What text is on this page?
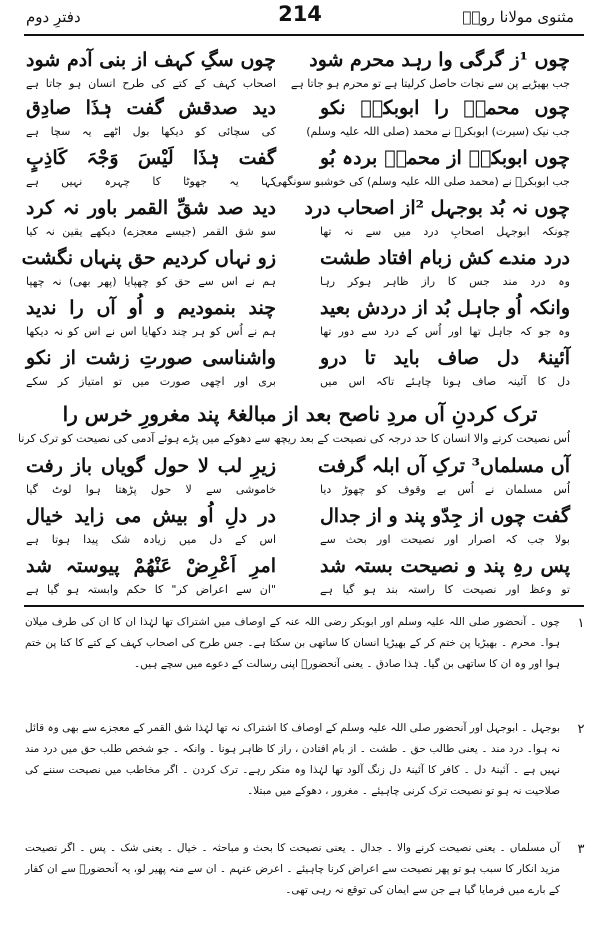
مثنوی مولانا رومؒ
214
دفترِ دوم
چوں ¹ز گرگی وا رہد محرم شود
جب بھیڑیے پن سے نجات حاصل کرلیتا ہے تو محرم ہو جاتا ہے
چوں سگِ کہف از بنی آدم شود
اصحاب کہف کے کتے کی طرح انسان ہو جاتا ہے
چوں محمدؐ را ابوبکرؓ نکو
جب نیک (سیرت) ابوبکرؓ نے محمد (صلی اللہ علیہ وسلم)
دید صدقش گفت ہٰذَا صادِق
کی سچائی کو دیکھا بول اٹھے یہ سچا ہے
چوں ابوبکرؓ از محمدؐ بردہ بُو
جب ابوبکرؓ نے (محمد صلی اللہ علیہ وسلم) کی خوشبو سونگھی
گفت ہٰذَا لَیْسَ وَجْہَ کَاذِبٍ
کہا یہ جھوٹا کا چہرہ نہیں ہے
چوں نہ بُد بوجہل ²از اصحاب درد
چونکہ ابوجہل اصحابِ درد میں سے نہ تھا
دید صد شقِّ القمر باور نہ کرد
سو شق القمر (جیسے معجزے) دیکھے یقین نہ کیا
درد مندے کش زبام افتاد طشت
وہ درد مند جس کا راز ظاہر ہوکر رہا
زو نہاں کردیم حق پنہاں نگشت
ہم نے اس سے حق کو چھپایا (پھر بھی) نہ چھپا
وانکہ اُو جاہل بُد از دردش بعید
وہ جو کہ جاہل تھا اور اُس کے درد سے دور تھا
چند بنمودیم و اُو آں را ندید
ہم نے اُس کو ہر چند دکھایا اس نے اس کو نہ دیکھا
آئینۂ دل صاف باید تا درو
دل کا آئینہ صاف ہونا چاہئے تاکہ اس میں
واشناسی صورتِ زشت از نکو
بری اور اچھی صورت میں تو امتیاز کر سکے
ترک کردنِ آں مردِ ناصح بعد از مبالغۂ پند مغرورِ خرس را
اُس نصیحت کرنے والا انسان کا حد درجہ کی نصیحت کے بعد ریچھ سے دھوکے میں پڑے ہوئے آدمی کی نصیحت کو ترک کرنا
آں مسلماں³ ترکِ آں ابلہ گرفت
اُس مسلمان نے اُس بے وقوف کو چھوڑ دیا
زیرِ لب لا حول گویاں باز رفت
خاموشی سے لا حول پڑھتا ہوا لوٹ گیا
گفت چوں از جِدّو پند و از جدال
بولا جب کہ اصرار اور نصیحت اور بحث سے
در دلِ اُو بیش می زاید خیال
اس کے دل میں زیادہ شک پیدا ہوتا ہے
پس رہِ پند و نصیحت بستہ شد
تو وعظ اور نصیحت کا راستہ بند ہو گیا ہے
امرِ اَعْرِضْ عَنْھُمْ پیوستہ شد
"ان سے اعراض کر" کا حکم وابستہ ہو گیا ہے
۱
چوں ۔ آنحضور صلی اللہ علیہ وسلم اور ابوبکر رضی اللہ عنہ کے اوصاف میں اشتراک تھا لہٰذا ان کا ان کی طرف میلان ہوا۔ محرم ۔ بھیڑیا پن ختم کر کے بھیڑیا انسان کا ساتھی بن سکتا ہے۔ جس طرح کی اصحاب کہف کے کتے کا کتا پن ختم ہوا اور وہ ان کا ساتھی بن گیا۔ ہٰذا صادق ۔ یعنی آنحضورؐ اپنی رسالت کے دعوے میں سچے ہیں۔
۲
بوجہل ۔ ابوجہل اور آنحضور صلی اللہ علیہ وسلم کے اوصاف کا اشتراک نہ تھا لہٰذا شق القمر کے معجزے سے بھی وہ قائل نہ ہوا۔ درد مند ۔ یعنی طالب حق ۔ طشت ۔ از بام افتادن ، راز کا ظاہر ہونا ۔ وانکہ ۔ جو شخص طلب حق میں درد مند نہیں ہے ۔ آئینۂ دل ۔ کافر کا آئینۂ دل زنگ آلود تھا لہٰذا وہ منکر رہے۔ ترک کردن ۔ اگر مخاطب میں نصیحت سننے کی صلاحیت نہ ہو تو نصیحت ترک کرنی چاہیئے ۔ مغرور ، دھوکے میں مبتلا۔
۳
آں مسلماں ۔ یعنی نصیحت کرنے والا ۔ جدال ۔ یعنی نصیحت کا بحث و مباحثہ ۔ خیال ۔ یعنی شک ۔ پس ۔ اگر نصیحت مزید انکار کا سبب ہو تو پھر نصیحت سے اعراض کرنا چاہیئے ۔ اعرض عنہم ۔ ان سے منہ پھیر لو، یہ آنحضورؐ سے ان کفار کے بارے میں فرمایا گیا ہے جن سے ایمان کی توقع نہ رہی تھی۔
